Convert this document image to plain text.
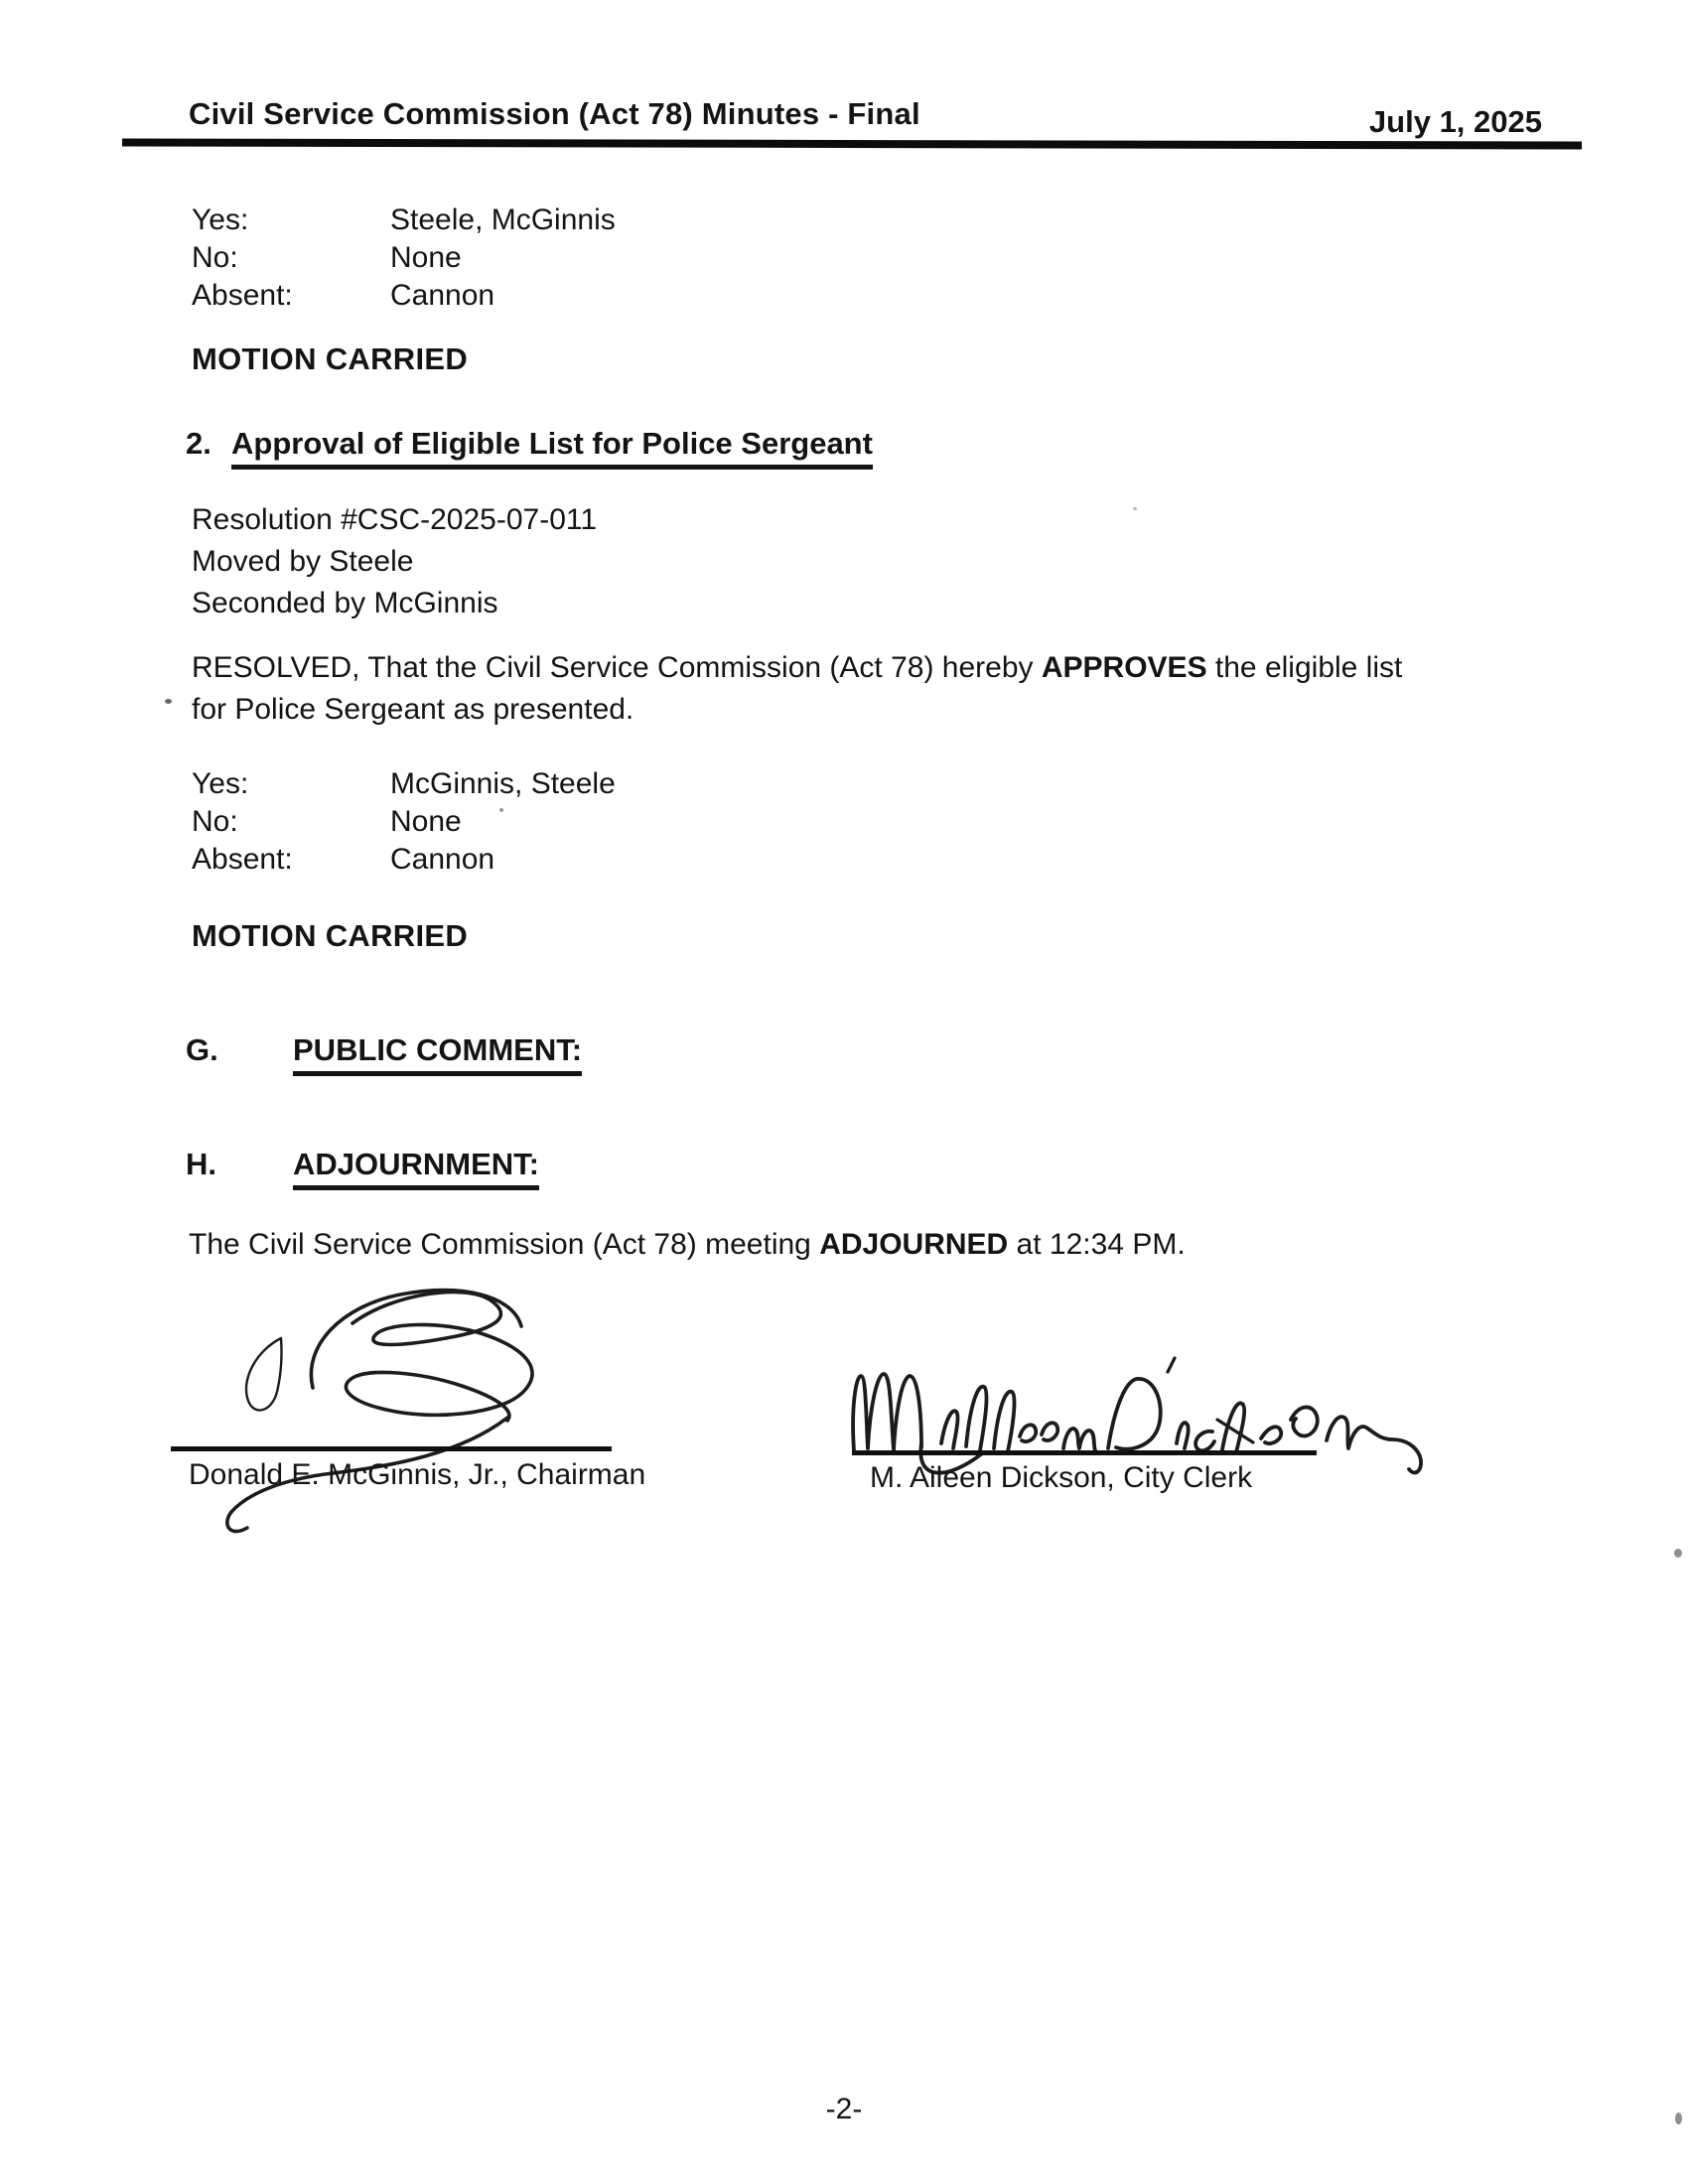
Civil Service Commission (Act 78) Minutes - Final	July 1, 2025
Yes:	Steele, McGinnis
No:	None
Absent:	Cannon
MOTION CARRIED
2. Approval of Eligible List for Police Sergeant
Resolution #CSC-2025-07-011
Moved by Steele
Seconded by McGinnis
RESOLVED, That the Civil Service Commission (Act 78) hereby APPROVES the eligible list
for Police Sergeant as presented.
Yes:	McGinnis, Steele
No:	None
Absent:	Cannon
MOTION CARRIED
G.	PUBLIC COMMENT:
H.	ADJOURNMENT:
The Civil Service Commission (Act 78) meeting ADJOURNED at 12:34 PM.
Donald E. McGinnis, Jr., Chairman	M. Aileen Dickson, City Clerk
-2-
